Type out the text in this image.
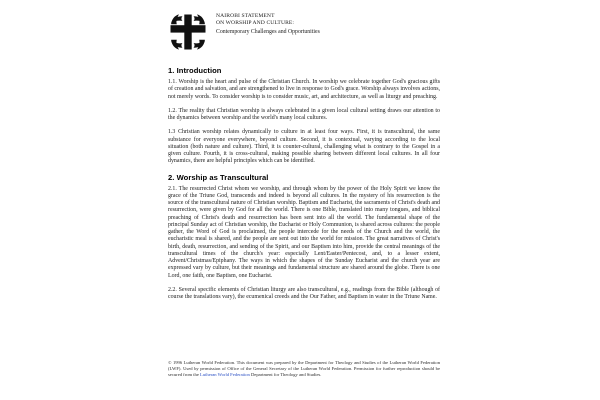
NAIROBI STATEMENT
ON WORSHIP AND CULTURE:
Contemporary Challenges and Opportunities
1. Introduction

1.1. Worship is the heart and pulse of the Christian Church. In worship we celebrate together God's gracious gifts of creation and salvation, and are strengthened to live in response to God's grace. Worship always involves actions, not merely words. To consider worship is to consider music, art, and architecture, as well as liturgy and preaching.

1.2. The reality that Christian worship is always celebrated in a given local cultural setting draws our attention to the dynamics between worship and the world's many local cultures.

1.3 Christian worship relates dynamically to culture in at least four ways. First, it is transcultural, the same substance for everyone everywhere, beyond culture. Second, it is contextual, varying according to the local situation (both nature and culture). Third, it is counter-cultural, challenging what is contrary to the Gospel in a given culture. Fourth, it is cross-cultural, making possible sharing between different local cultures. In all four dynamics, there are helpful principles which can be identified.

2. Worship as Transcultural

2.1. The resurrected Christ whom we worship, and through whom by the power of the Holy Spirit we know the grace of the Triune God, transcends and indeed is beyond all cultures. In the mystery of his resurrection is the source of the transcultural nature of Christian worship. Baptism and Eucharist, the sacraments of Christ's death and resurrection, were given by God for all the world. There is one Bible, translated into many tongues, and biblical preaching of Christ's death and resurrection has been sent into all the world. The fundamental shape of the principal Sunday act of Christian worship, the Eucharist or Holy Communion, is shared across cultures: the people gather, the Word of God is proclaimed, the people intercede for the needs of the Church and the world, the eucharistic meal is shared, and the people are sent out into the world for mission. The great narratives of Christ's birth, death, resurrection, and sending of the Spirit, and our Baptism into him, provide the central meanings of the transcultural times of the church's year: especially Lent/Easter/Pentecost, and, to a lesser extent, Advent/Christmas/Epiphany. The ways in which the shapes of the Sunday Eucharist and the church year are expressed vary by culture, but their meanings and fundamental structure are shared around the globe. There is one Lord, one faith, one Baptism, one Eucharist.

2.2. Several specific elements of Christian liturgy are also transcultural, e.g., readings from the Bible (although of course the translations vary), the ecumenical creeds and the Our Father, and Baptism in water in the Triune Name.

© 1996 Lutheran World Federation. This document was prepared by the Department for Theology and Studies of the Lutheran World Federation (LWF). Used by permission of Office of the General Secretary of the Lutheran World Federation. Permission for further reproduction should be secured from the Lutheran World Federation Department for Theology and Studies.
